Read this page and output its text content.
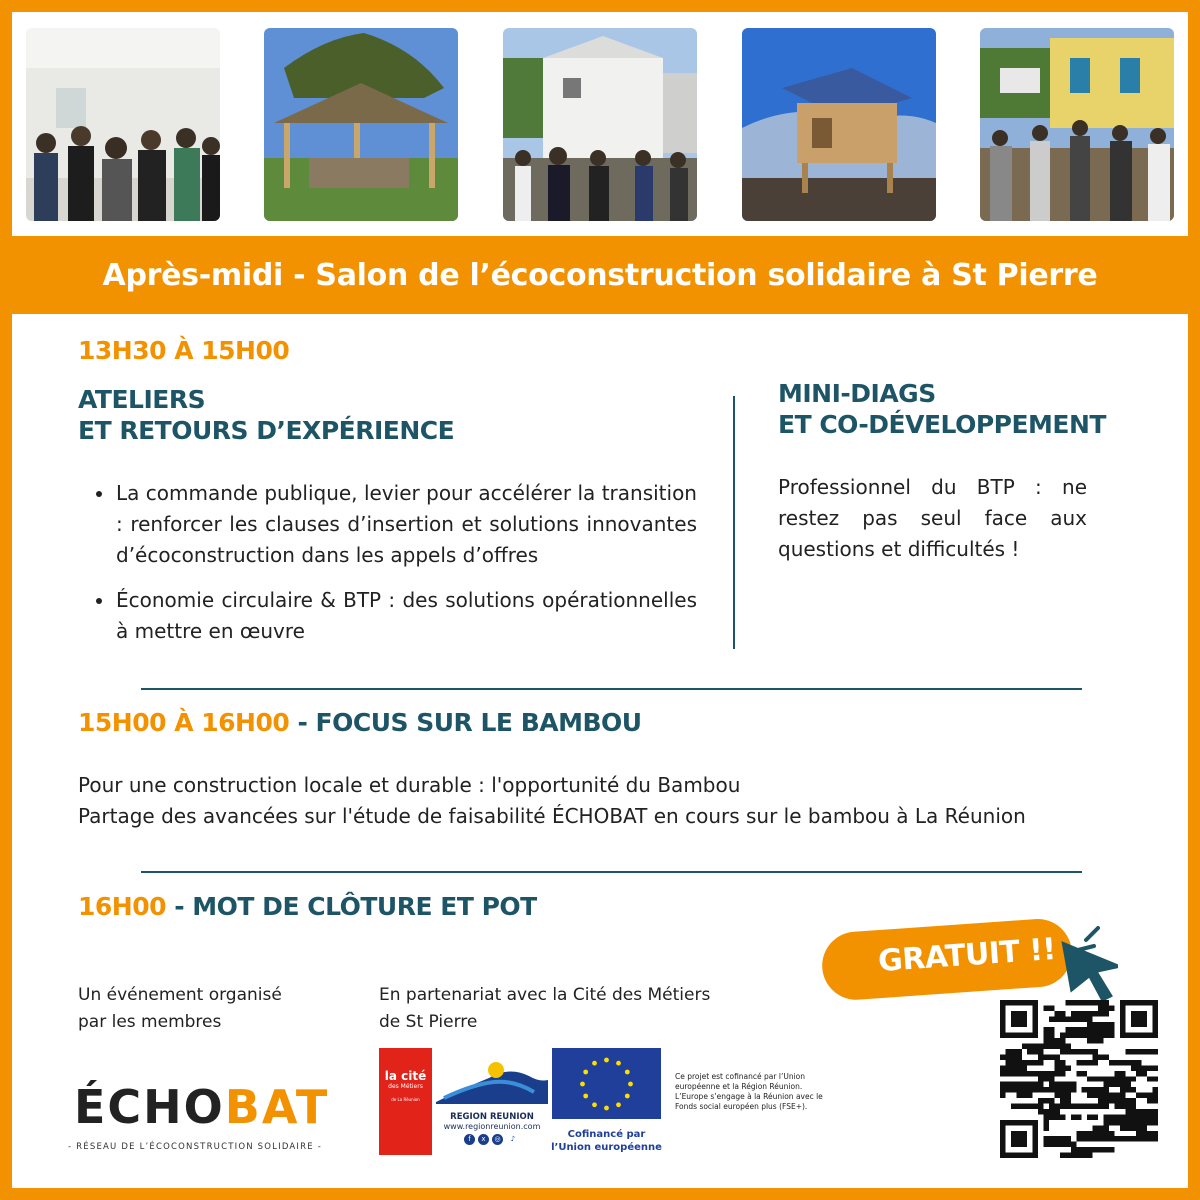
Après-midi - Salon de l’écoconstruction solidaire à St Pierre
13H30 À 15H00
ATELIERS
ET RETOURS D’EXPÉRIENCE
La commande publique, levier pour accélérer la transition : renforcer les clauses d’insertion et solutions innovantes d’écoconstruction dans les appels d’offres
Économie circulaire & BTP : des solutions opérationnelles à mettre en œuvre
MINI-DIAGS
ET CO-DÉVELOPPEMENT
Professionnel du BTP : ne restez pas seul face aux questions et difficultés !
15H00 À 16H00 - FOCUS SUR LE BAMBOU
Pour une construction locale et durable : l'opportunité du Bambou
Partage des avancées sur l'étude de faisabilité ÉCHOBAT en cours sur le bambou à La Réunion
16H00 - MOT DE CLÔTURE ET POT
GRATUIT !!
Un événement organisé
par les membres
ÉCHOBAT
- RÉSEAU DE L’ÉCOCONSTRUCTION SOLIDAIRE -
En partenariat avec la Cité des Métiers
de St Pierre
la cité
des Métiers
de La Réunion
REGION REUNION
www.regionreunion.com
f	x	◎	♪	Cofinancé par
l’Union européenne
Ce projet est cofinancé par l’Union européenne et la Région Réunion. L’Europe s’engage à la Réunion avec le Fonds social européen plus (FSE+).
